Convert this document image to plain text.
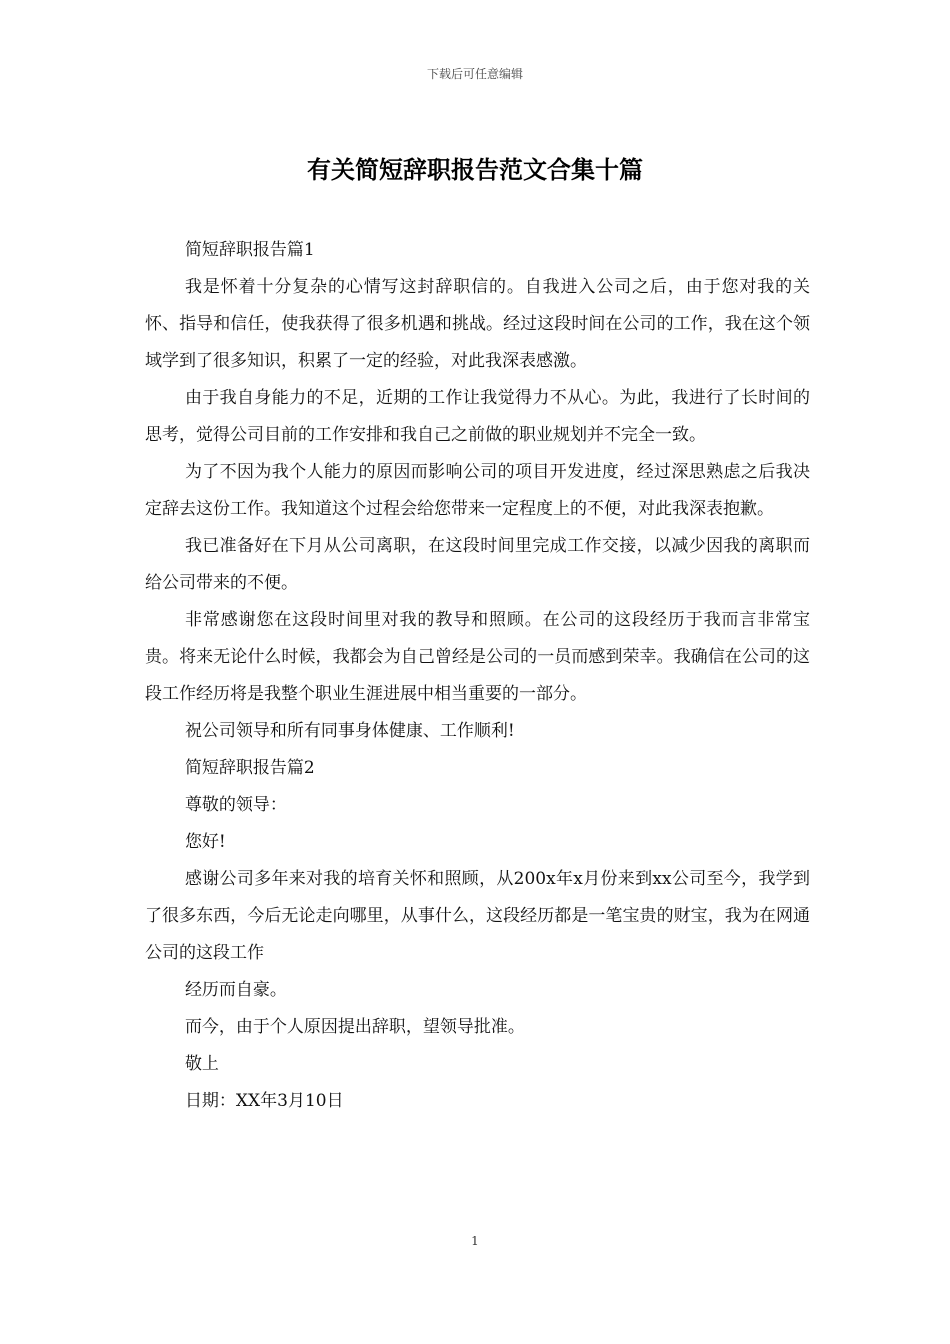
下载后可任意编辑
有关简短辞职报告范文合集十篇

简短辞职报告篇1

我是怀着十分复杂的心情写这封辞职信的。自我进入公司之后，由于您对我的关怀、指导和信任，使我获得了很多机遇和挑战。经过这段时间在公司的工作，我在这个领域学到了很多知识，积累了一定的经验，对此我深表感激。

由于我自身能力的不足，近期的工作让我觉得力不从心。为此，我进行了长时间的思考，觉得公司目前的工作安排和我自己之前做的职业规划并不完全一致。

为了不因为我个人能力的原因而影响公司的项目开发进度，经过深思熟虑之后我决定辞去这份工作。我知道这个过程会给您带来一定程度上的不便，对此我深表抱歉。

我已准备好在下月从公司离职，在这段时间里完成工作交接，以减少因我的离职而给公司带来的不便。

非常感谢您在这段时间里对我的教导和照顾。在公司的这段经历于我而言非常宝贵。将来无论什么时候，我都会为自己曾经是公司的一员而感到荣幸。我确信在公司的这段工作经历将是我整个职业生涯进展中相当重要的一部分。

祝公司领导和所有同事身体健康、工作顺利!

简短辞职报告篇2

尊敬的领导：

您好!

感谢公司多年来对我的培育关怀和照顾，从200x年x月份来到xx公司至今，我学到了很多东西，今后无论走向哪里，从事什么，这段经历都是一笔宝贵的财宝，我为在网通公司的这段工作

经历而自豪。

而今，由于个人原因提出辞职，望领导批准。

敬上

日期：XX年3月10日

1
